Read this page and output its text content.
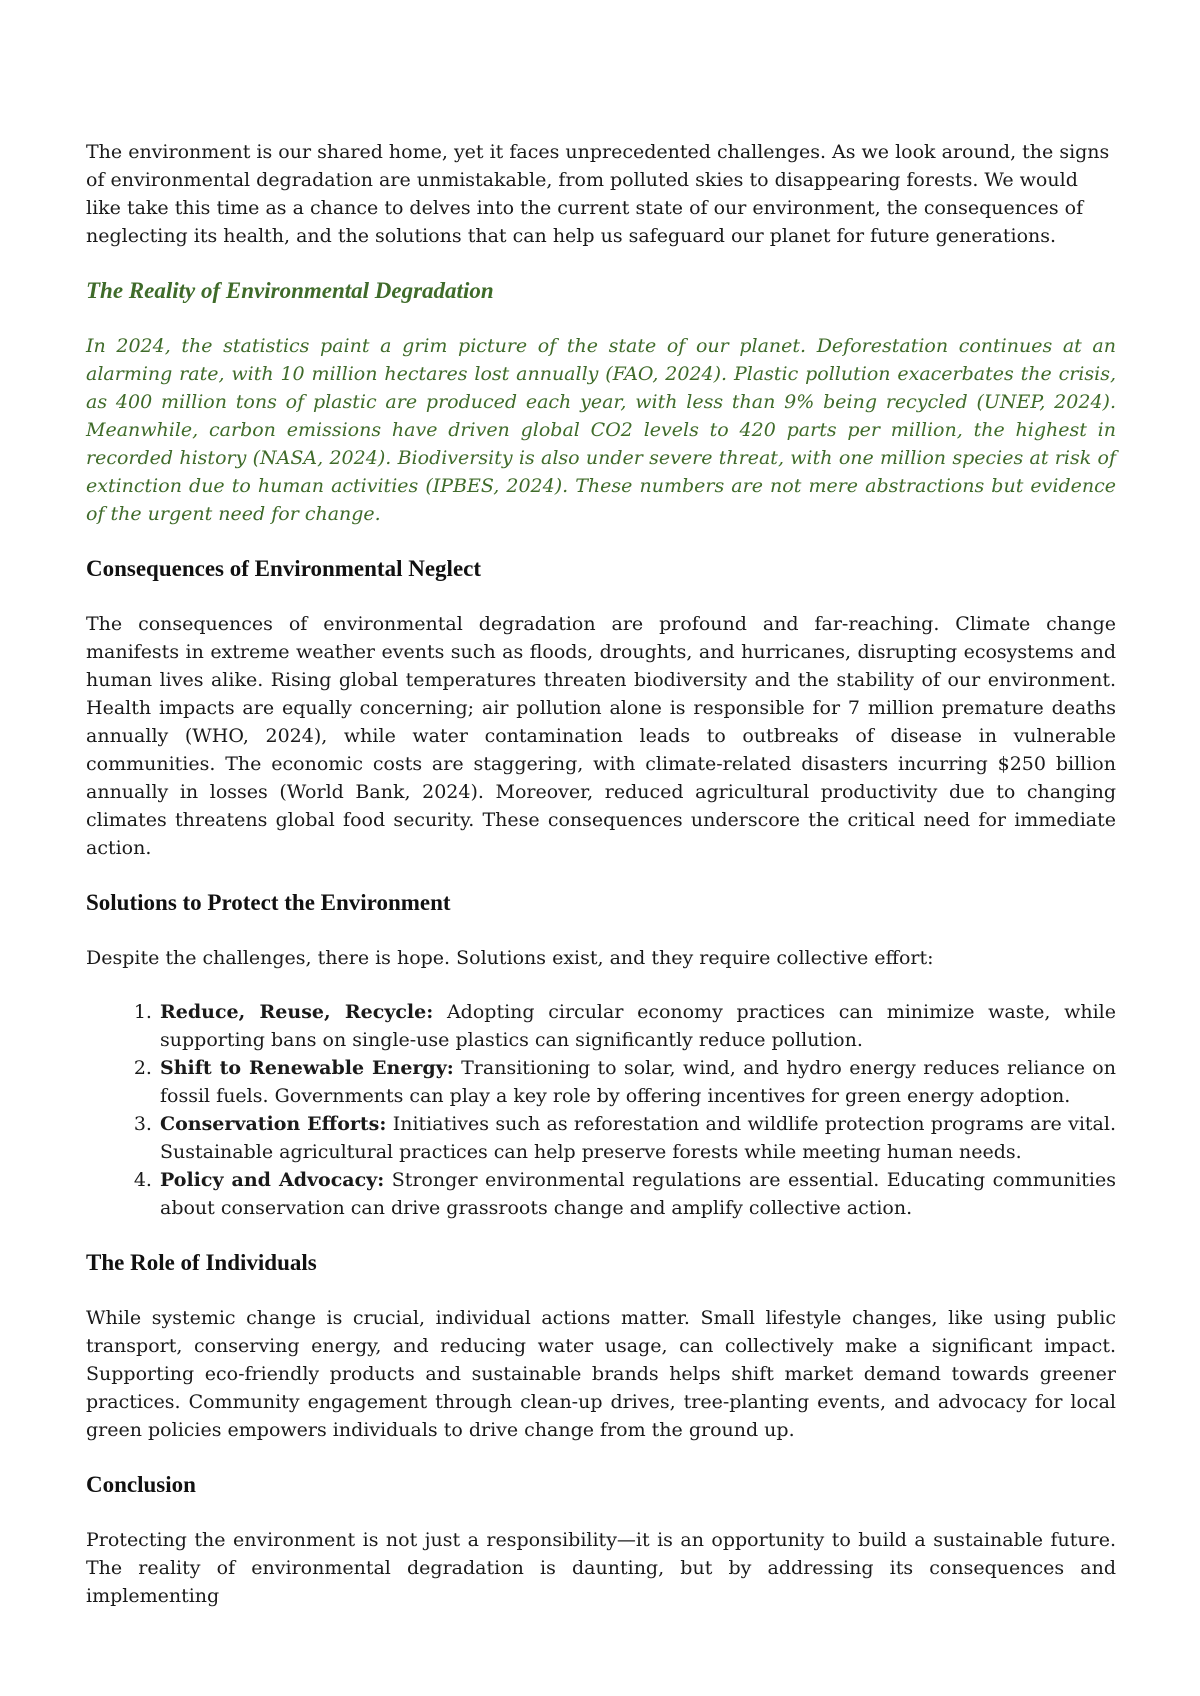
The environment is our shared home, yet it faces unprecedented challenges. As we look around, the signs of environmental degradation are unmistakable, from polluted skies to disappearing forests. We would like take this time as a chance to delves into the current state of our environment, the consequences of neglecting its health, and the solutions that can help us safeguard our planet for future generations.

The Reality of Environmental Degradation

In 2024, the statistics paint a grim picture of the state of our planet. Deforestation continues at an alarming rate, with 10 million hectares lost annually (FAO, 2024). Plastic pollution exacerbates the crisis, as 400 million tons of plastic are produced each year, with less than 9% being recycled (UNEP, 2024). Meanwhile, carbon emissions have driven global CO2 levels to 420 parts per million, the highest in recorded history (NASA, 2024). Biodiversity is also under severe threat, with one million species at risk of extinction due to human activities (IPBES, 2024). These numbers are not mere abstractions but evidence of the urgent need for change.

Consequences of Environmental Neglect

The consequences of environmental degradation are profound and far-reaching. Climate change manifests in extreme weather events such as floods, droughts, and hurricanes, disrupting ecosystems and human lives alike. Rising global temperatures threaten biodiversity and the stability of our environment. Health impacts are equally concerning; air pollution alone is responsible for 7 million premature deaths annually (WHO, 2024), while water contamination leads to outbreaks of disease in vulnerable communities. The economic costs are staggering, with climate-related disasters incurring $250 billion annually in losses (World Bank, 2024). Moreover, reduced agricultural productivity due to changing climates threatens global food security. These consequences underscore the critical need for immediate action.

Solutions to Protect the Environment

Despite the challenges, there is hope. Solutions exist, and they require collective effort:

1. Reduce, Reuse, Recycle: Adopting circular economy practices can minimize waste, while supporting bans on single-use plastics can significantly reduce pollution.
2. Shift to Renewable Energy: Transitioning to solar, wind, and hydro energy reduces reliance on fossil fuels. Governments can play a key role by offering incentives for green energy adoption.
3. Conservation Efforts: Initiatives such as reforestation and wildlife protection programs are vital. Sustainable agricultural practices can help preserve forests while meeting human needs.
4. Policy and Advocacy: Stronger environmental regulations are essential. Educating communities about conservation can drive grassroots change and amplify collective action.
The Role of Individuals

While systemic change is crucial, individual actions matter. Small lifestyle changes, like using public transport, conserving energy, and reducing water usage, can collectively make a significant impact. Supporting eco-friendly products and sustainable brands helps shift market demand towards greener practices. Community engagement through clean-up drives, tree-planting events, and advocacy for local green policies empowers individuals to drive change from the ground up.

Conclusion

Protecting the environment is not just a responsibility—it is an opportunity to build a sustainable future. The reality of environmental degradation is daunting, but by addressing its consequences and implementing
